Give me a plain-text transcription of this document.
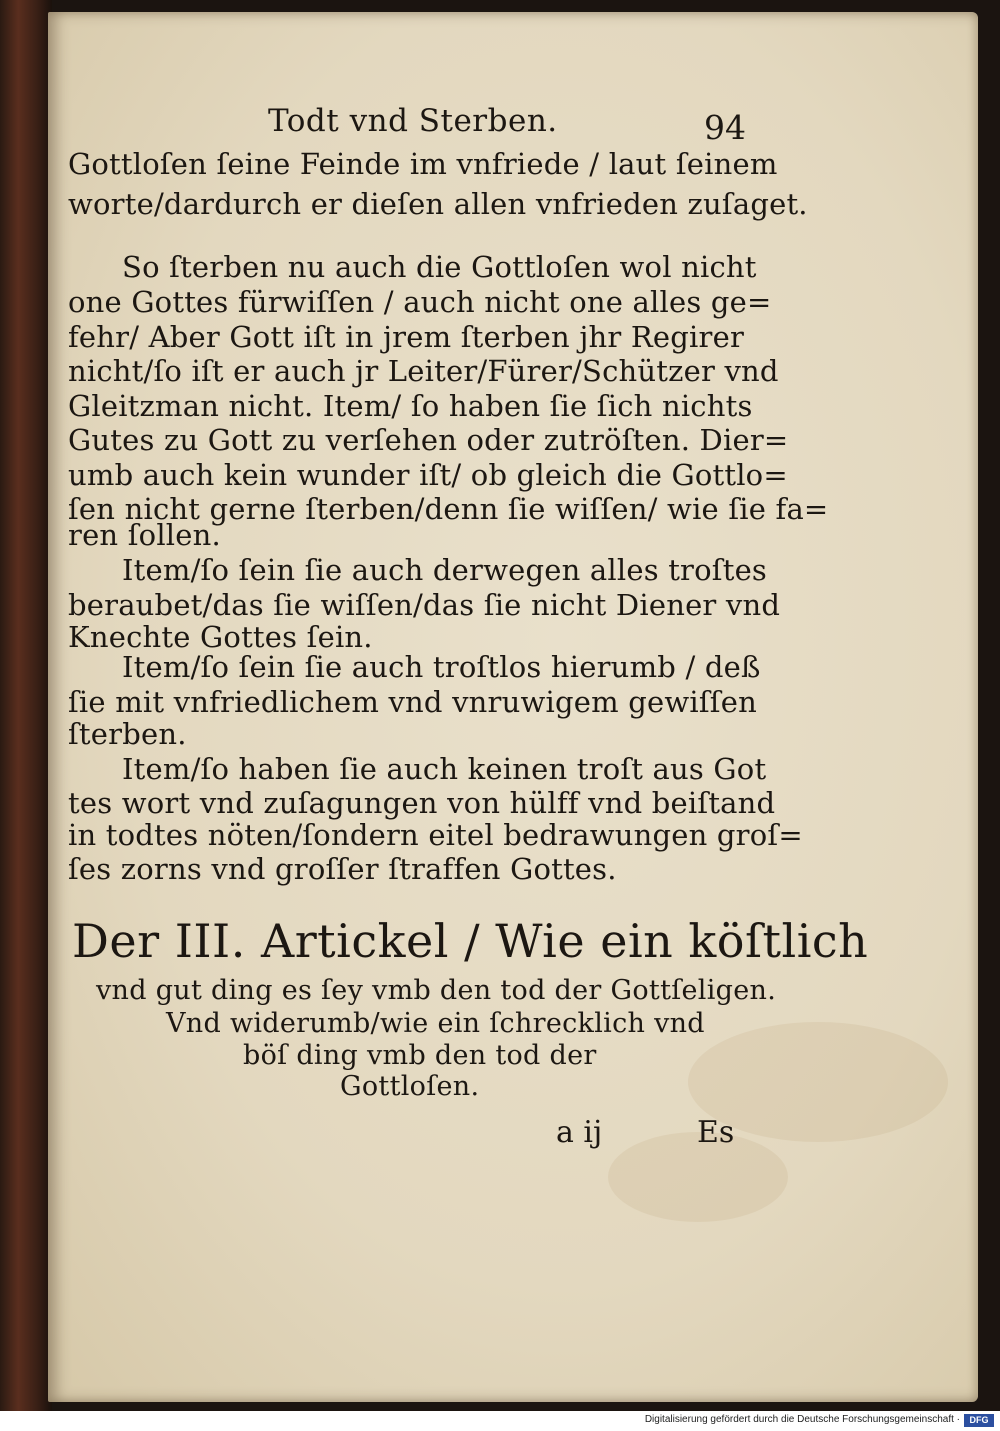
Todt vnd Sterben.	94
Gottloſen ſeine Feinde im vnfriede / laut ſeinem
worte/dardurch er dieſen allen vnfrieden zuſaget.
So ſterben nu auch die Gottloſen wol nicht
one Gottes fürwiſſen / auch nicht one alles ge=
fehr/ Aber Gott iſt in jrem ſterben jhr Regirer
nicht/ſo iſt er auch jr Leiter/Fürer/Schützer vnd
Gleitzman nicht. Item/ ſo haben ſie ſich nichts
Gutes zu Gott zu verſehen oder zutröſten. Dier=
umb auch kein wunder iſt/ ob gleich die Gottlo=
ſen nicht gerne ſterben/denn ſie wiſſen/ wie ſie fa=
ren ſollen.
Item/ſo ſein ſie auch derwegen alles troſtes
beraubet/das ſie wiſſen/das ſie nicht Diener vnd
Knechte Gottes ſein.
Item/ſo ſein ſie auch troſtlos hierumb / deß
ſie mit vnfriedlichem vnd vnruwigem gewiſſen
ſterben.
Item/ſo haben ſie auch keinen troſt aus Got
tes wort vnd zuſagungen von hülff vnd beiſtand
in todtes nöten/ſondern eitel bedrawungen groſ=
ſes zorns vnd groſſer ſtraffen Gottes.
Der III. Artickel / Wie ein köſtlich
vnd gut ding es ſey vmb den tod der Gottſeligen.
Vnd widerumb/wie ein ſchrecklich vnd
böſ ding vmb den tod der
Gottloſen.
a ij	Es
Digitalisierung gefördert durch die Deutsche Forschungsgemeinschaft ·	DFG
